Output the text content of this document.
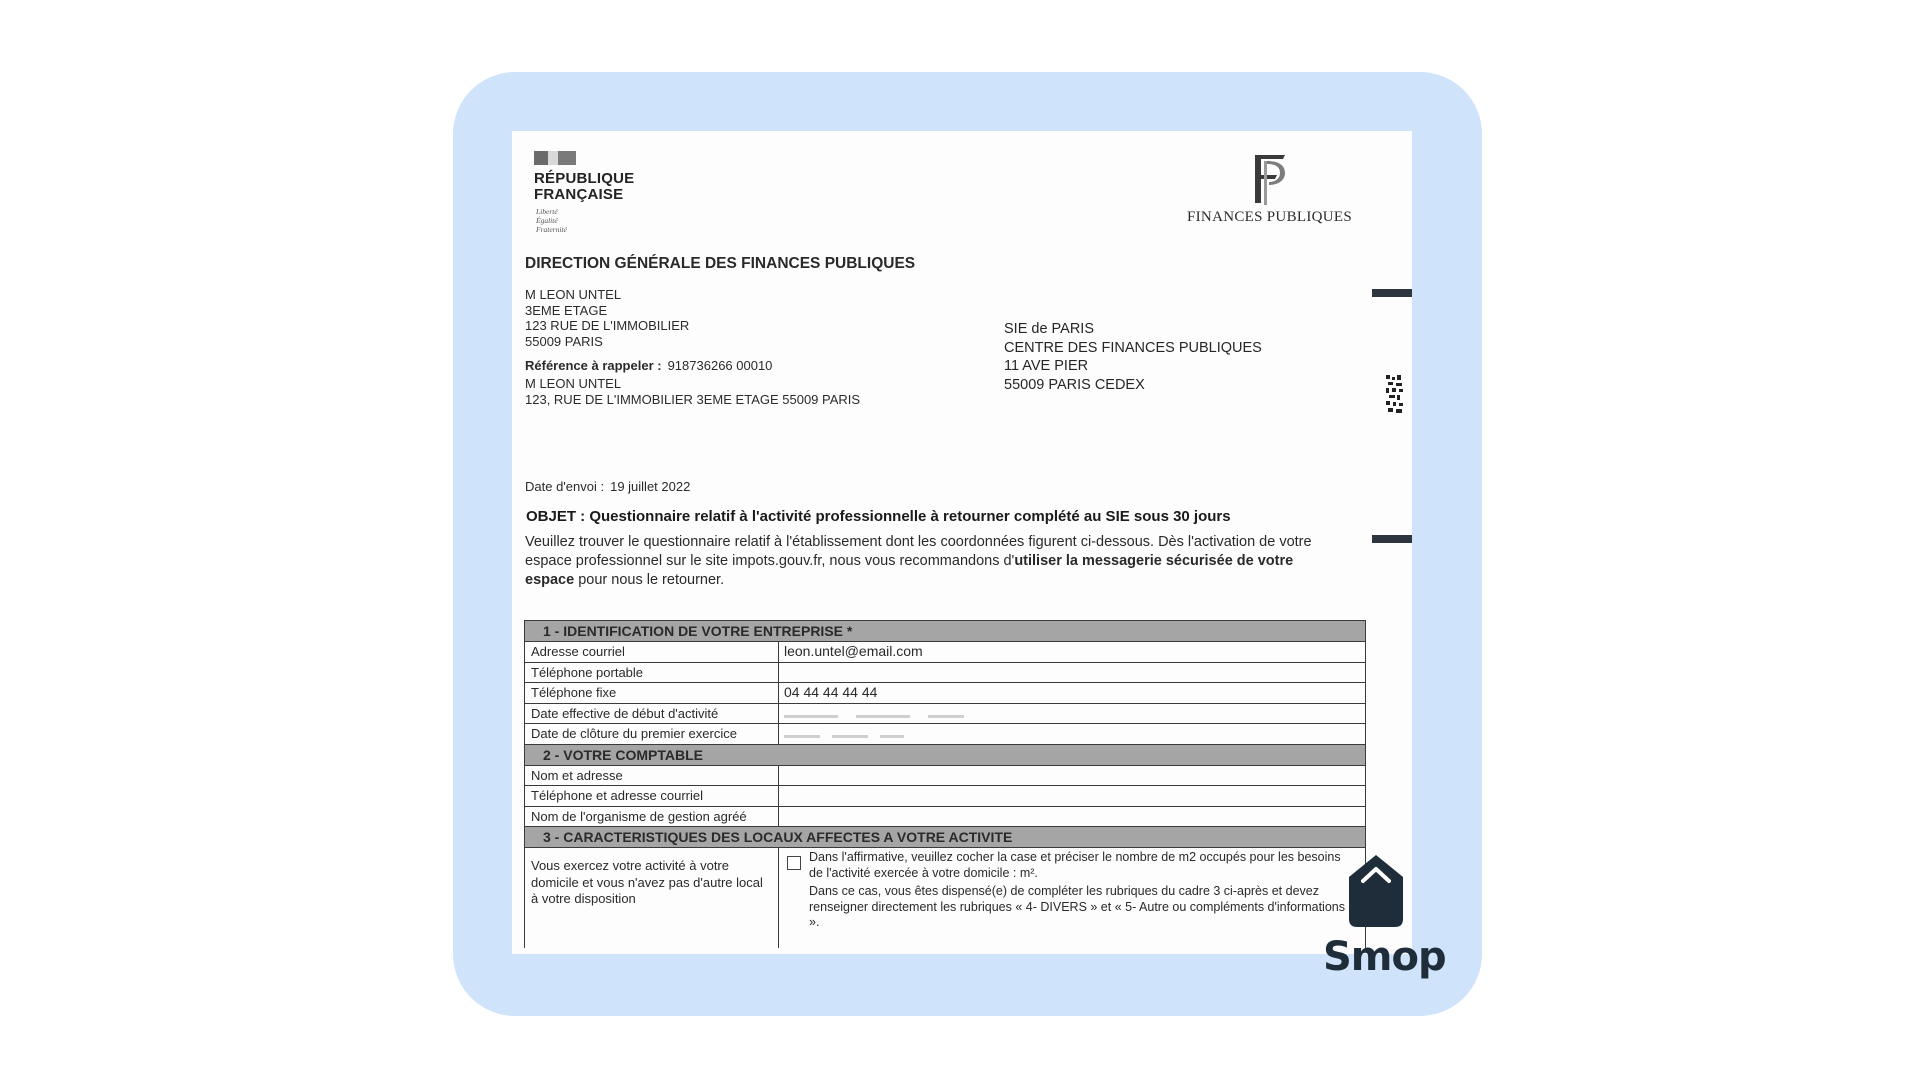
RÉPUBLIQUE
FRANÇAISE
Liberté
Égalité
Fraternité
FINANCES PUBLIQUES
DIRECTION GÉNÉRALE DES FINANCES PUBLIQUES
M LEON UNTEL
3EME ETAGE
123 RUE DE L'IMMOBILIER
55009 PARIS
Référence à rappeler : 918736266 00010
M LEON UNTEL
123, RUE DE L'IMMOBILIER 3EME ETAGE 55009 PARIS
SIE de PARIS
CENTRE DES FINANCES PUBLIQUES
11 AVE PIER
55009 PARIS CEDEX
Date d'envoi : 19 juillet 2022
OBJET : Questionnaire relatif à l'activité professionnelle à retourner complété au SIE sous 30 jours
Veuillez trouver le questionnaire relatif à l'établissement dont les coordonnées figurent ci-dessous. Dès l'activation de votre espace professionnel sur le site impots.gouv.fr, nous vous recommandons d'utiliser la messagerie sécurisée de votre espace pour nous le retourner.
1 - IDENTIFICATION DE VOTRE ENTREPRISE *
Adresse courriel	leon.untel@email.com
Téléphone portable
Téléphone fixe	04 44 44 44 44
Date effective de début d'activité
Date de clôture du premier exercice
2 - VOTRE COMPTABLE
Nom et adresse
Téléphone et adresse courriel
Nom de l'organisme de gestion agréé
3 - CARACTERISTIQUES DES LOCAUX AFFECTES A VOTRE ACTIVITE
Vous exercez votre activité à votre domicile et vous n'avez pas d'autre local à votre disposition
Dans l'affirmative, veuillez cocher la case et préciser le nombre de m2 occupés pour les besoins de l'activité exercée à votre domicile : m².
Dans ce cas, vous êtes dispensé(e) de compléter les rubriques du cadre 3 ci-après et devez renseigner directement les rubriques « 4- DIVERS » et « 5- Autre ou compléments d'informations ».
Smop
